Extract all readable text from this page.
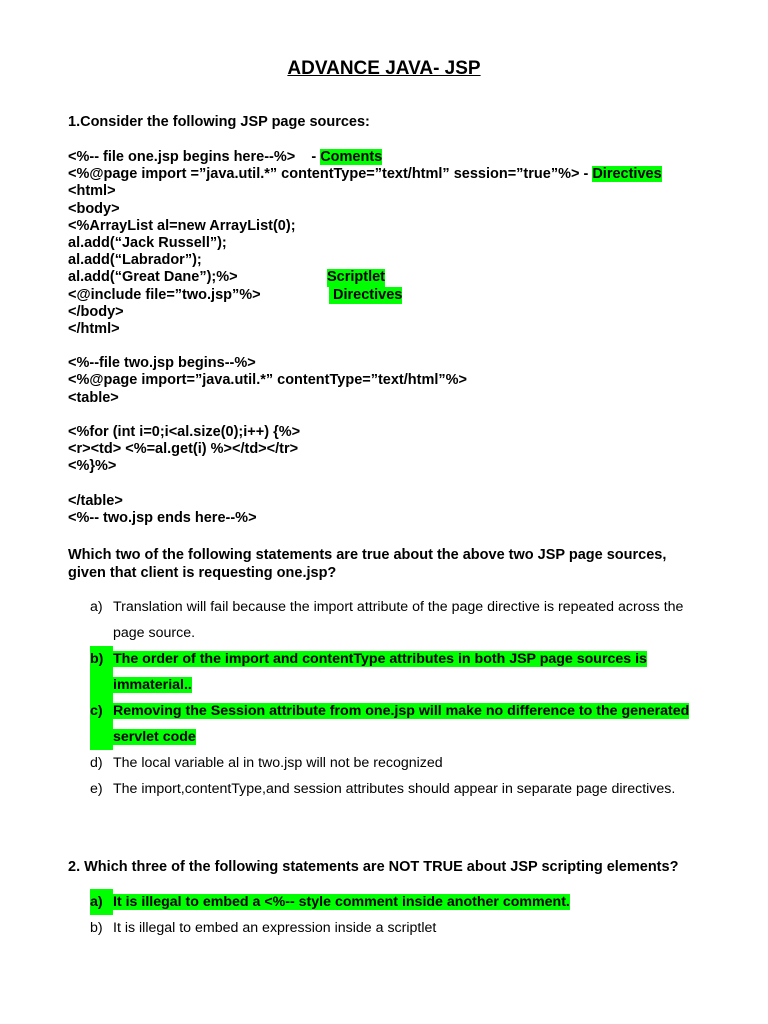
ADVANCE JAVA- JSP
1.Consider the following JSP page sources:
<%-- file one.jsp begins here--%>    - Coments
<%@page import =”java.util.*” contentType=”text/html” session=”true”%> - Directives
<html>
<body>
<%ArrayList al=new ArrayList(0);
al.add(“Jack Russell”);
al.add(“Labrador”);
al.add(“Great Dane”);%>	Scriptlet
<@include file=”two.jsp”%>	Directives
</body>
</html>
<%--file two.jsp begins--%>
<%@page import=”java.util.*” contentType=”text/html”%>
<table>
<%for (int i=0;i<al.size(0);i++) {%>
<r><td> <%=al.get(i) %></td></tr>
<%}%>
</table>
<%-- two.jsp ends here--%>
Which two of the following statements are true about the above two JSP page sources, given that client is requesting one.jsp?
a) Translation will fail because the import attribute of the page directive is repeated across the page source.
b) The order of the import and contentType attributes in both JSP page sources is immaterial..
c) Removing the Session attribute from one.jsp will make no difference to the generated servlet code
d) The local variable al in two.jsp will not be recognized
e) The import,contentType,and session attributes should appear in separate page directives.
2. Which three of the following statements are NOT TRUE about JSP scripting elements?
a) It is illegal to embed a <%-- style comment inside another comment.
b) It is illegal to embed an expression inside a scriptlet
